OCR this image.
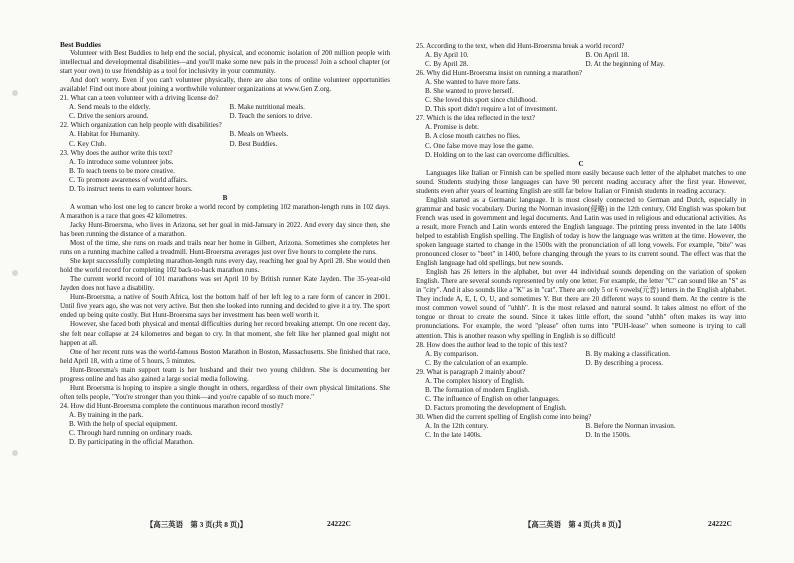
Best Buddies

Volunteer with Best Buddies to help end the social, physical, and economic isolation of 200 million people with intellectual and developmental disabilities—and you'll make some new pals in the process! Join a school chapter (or start your own) to use friendship as a tool for inclusivity in your community.

And don't worry. Even if you can't volunteer physically, there are also tons of online volunteer opportunities available! Find out more about joining a worthwhile volunteer organizations at www.Gen Z.org.

21. What can a teen volunteer with a driving license do?

A. Send meals to the elderly.	B. Make nutritional meals.
C. Drive the seniors around.	D. Teach the seniors to drive.

22. Which organization can help people with disabilities?

A. Habitat for Humanity.	B. Meals on Wheels.
C. Key Club.	D. Best Buddies.

23. Why does the author write this text?

A. To introduce some volunteer jobs.

B. To teach teens to be more creative.

C. To promote awareness of world affairs.

D. To instruct teens to earn volunteer hours.

B

A woman who lost one leg to cancer broke a world record by completing 102 marathon-length runs in 102 days. A marathon is a race that goes 42 kilometres.

Jacky Hunt-Broersma, who lives in Arizona, set her goal in mid-January in 2022. And every day since then, she has been running the distance of a marathon.

Most of the time, she runs on roads and trails near her home in Gilbert, Arizona. Sometimes she completes her runs on a running machine called a treadmill. Hunt-Broersma averages just over five hours to complete the runs.

She kept successfully completing marathon-length runs every day, reaching her goal by April 28. She would then hold the world record for completing 102 back-to-back marathon runs.

The current world record of 101 marathons was set April 10 by British runner Kate Jayden. The 35-year-old Jayden does not have a disability.

Hunt-Broersma, a native of South Africa, lost the bottom half of her left leg to a rare form of cancer in 2001. Until five years ago, she was not very active. But then she looked into running and decided to give it a try. The sport ended up being quite costly. But Hunt-Broersma says her investment has been well worth it.

However, she faced both physical and mental difficulties during her record breaking attempt. On one recent day, she felt near collapse at 24 kilometres and began to cry. In that moment, she felt like her planned goal might not happen at all.

One of her recent runs was the world-famous Boston Marathon in Boston, Massachusetts. She finished that race, held April 18, with a time of 5 hours, 5 minutes.

Hunt-Broersma's main support team is her husband and their two young children. She is documenting her progress online and has also gained a large social media following.

Hunt Broersma is hoping to inspire a single thought in others, regardless of their own physical limitations. She often tells people, "You're stronger than you think—and you're capable of so much more."

24. How did Hunt-Broersma complete the continuous marathon record mostly?

A. By training in the park.

B. With the help of special equipment.

C. Through hard running on ordinary roads.

D. By participating in the official Marathon.

25. According to the text, when did Hunt-Broersma break a world record?

A. By April 10.	B. On April 18.
C. By April 28.	D. At the beginning of May.

26. Why did Hunt-Broersma insist on running a marathon?

A. She wanted to have more fans.

B. She wanted to prove herself.

C. She loved this sport since childhood.

D. This sport didn't require a lot of investment.

27. Which is the idea reflected in the text?

A. Promise is debt.

B. A close mouth catches no flies.

C. One false move may lose the game.

D. Holding on to the last can overcome difficulties.

C

Languages like Italian or Finnish can be spelled more easily because each letter of the alphabet matches to one sound. Students studying those languages can have 90 percent reading accuracy after the first year. However, students even after years of learning English are still far below Italian or Finnish students in reading accuracy.

English started as a Germanic language. It is most closely connected to German and Dutch, especially in grammar and basic vocabulary. During the Norman invasion(侵略) in the 12th century, Old English was spoken but French was used in government and legal documents. And Latin was used in religious and educational activities. As a result, more French and Latin words entered the English language. The printing press invented in the late 1400s helped to establish English spelling. The English of today is how the language was written at the time. However, the spoken language started to change in the 1500s with the pronunciation of all long vowels. For example, "bite" was pronounced closer to "beet" in 1400, before changing through the years to its current sound. The effect was that the English language had old spellings, but new sounds.

English has 26 letters in the alphabet, but over 44 individual sounds depending on the variation of spoken English. There are several sounds represented by only one letter. For example, the letter "C" can sound like an "S" as in "city". And it also sounds like a "K" as in "cat". There are only 5 or 6 vowels(元音) letters in the English alphabet. They include A, E, I, O, U, and sometimes Y. But there are 20 different ways to sound them. At the centre is the most common vowel sound of "uhhh". It is the most relaxed and natural sound. It takes almost no effort of the tongue or throat to create the sound. Since it takes little effort, the sound "uhhh" often makes its way into pronunciations. For example, the word "please" often turns into "PUH-lease" when someone is trying to call attention. This is another reason why spelling in English is so difficult!

28. How does the author lead to the topic of this text?

A. By comparison.	B. By making a classification.
C. By the calculation of an example.	D. By describing a process.

29. What is paragraph 2 mainly about?

A. The complex history of English.

B. The formation of modern English.

C. The influence of English on other languages.

D. Factors promoting the development of English.

30. When did the current spelling of English come into being?

A. In the 12th century.	B. Before the Norman invasion.
C. In the late 1400s.	D. In the 1500s.
【高三英语　第 3 页(共 8 页)】	24222C	【高三英语　第 4 页(共 8 页)】	24222C
